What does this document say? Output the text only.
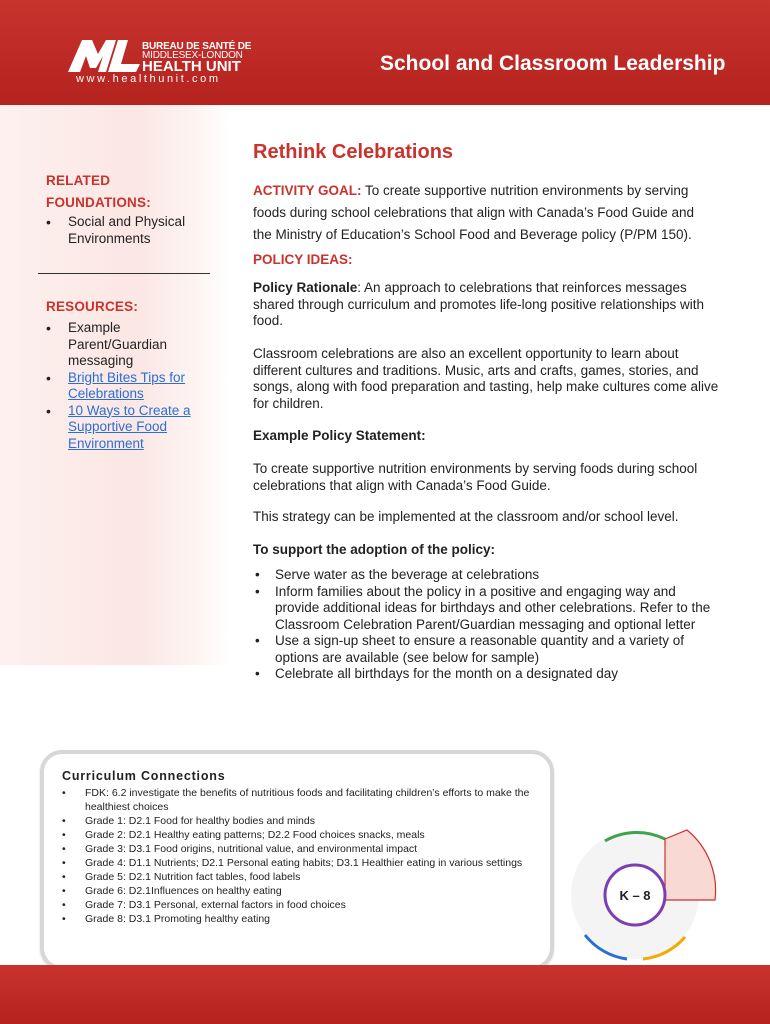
BUREAU DE SANTÉ DE
MIDDLESEX-LONDON
HEALTH UNIT
www.healthunit.com
School and Classroom Leadership
RELATED
FOUNDATIONS:
• Social and Physical Environments
RESOURCES:
• Example Parent/Guardian messaging
• Bright Bites Tips for Celebrations
• 10 Ways to Create a Supportive Food Environment
Rethink Celebrations

ACTIVITY GOAL: To create supportive nutrition environments by serving foods during school celebrations that align with Canada’s Food Guide and the Ministry of Education’s School Food and Beverage policy (P/PM 150).

POLICY IDEAS:

Policy Rationale: An approach to celebrations that reinforces messages shared through curriculum and promotes life-long positive relationships with food.

Classroom celebrations are also an excellent opportunity to learn about different cultures and traditions. Music, arts and crafts, games, stories, and songs, along with food preparation and tasting, help make cultures come alive for children.

Example Policy Statement:

To create supportive nutrition environments by serving foods during school celebrations that align with Canada’s Food Guide.

This strategy can be implemented at the classroom and/or school level.

To support the adoption of the policy:

• Serve water as the beverage at celebrations
• Inform families about the policy in a positive and engaging way and provide additional ideas for birthdays and other celebrations. Refer to the Classroom Celebration Parent/Guardian messaging and optional letter
• Use a sign-up sheet to ensure a reasonable quantity and a variety of options are available (see below for sample)
• Celebrate all birthdays for the month on a designated day
Curriculum Connections
• FDK: 6.2 investigate the benefits of nutritious foods and facilitating children’s efforts to make the healthiest choices
• Grade 1: D2.1 Food for healthy bodies and minds
• Grade 2: D2.1 Healthy eating patterns; D2.2 Food choices snacks, meals
• Grade 3: D3.1 Food origins, nutritional value, and environmental impact
• Grade 4: D1.1 Nutrients; D2.1 Personal eating habits; D3.1 Healthier eating in various settings
• Grade 5: D2.1 Nutrition fact tables, food labels
• Grade 6: D2.1Influences on healthy eating
• Grade 7: D3.1 Personal, external factors in food choices
• Grade 8: D3.1 Promoting healthy eating
K – 8
